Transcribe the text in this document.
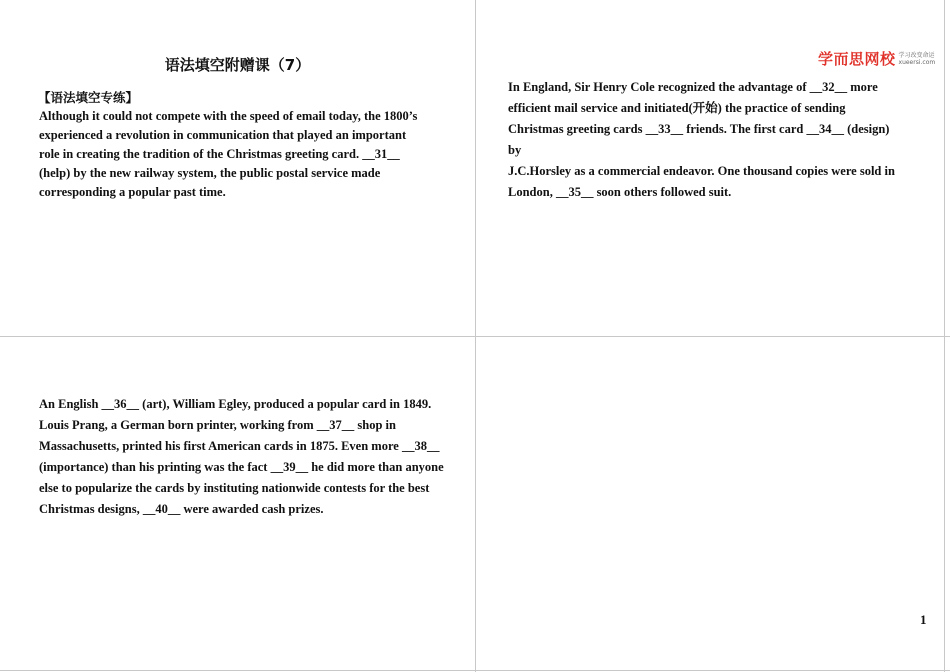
语法填空附赠课（7）
【语法填空专练】

Although it could not compete with the speed of email today, the 1800’s experienced a revolution in communication that played an important role in creating the tradition of the Christmas greeting card. __31__ (help) by the new railway system, the public postal service made corresponding a popular past time.

学而思网校 学习改变命运
xueersi.com
In England, Sir Henry Cole recognized the advantage of __32__ more efficient mail service and initiated(开始) the practice of sending Christmas greeting cards __33__ friends. The first card __34__ (design) by
J.C.Horsley as a commercial endeavor. One thousand copies were sold in London, __35__ soon others followed suit.

An English __36__ (art), William Egley, produced a popular card in 1849. Louis Prang, a German born printer, working from __37__ shop in Massachusetts, printed his first American cards in 1875. Even more __38__ (importance) than his printing was the fact __39__ he did more than anyone else to popularize the cards by instituting nationwide contests for the best Christmas designs, __40__ were awarded cash prizes.

1
